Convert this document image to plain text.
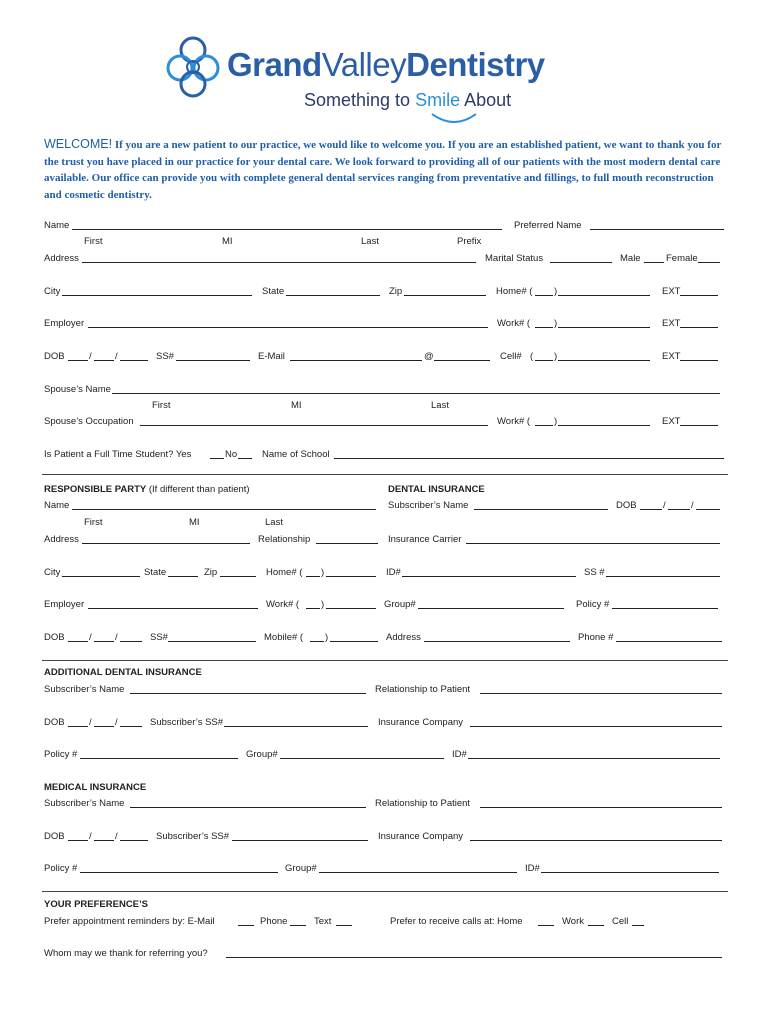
GrandValleyDentistry
Something to Smile About
WELCOME! If you are a new patient to our practice, we would like to welcome you. If you are an established patient, we want to thank you for the trust you have placed in our practice for your dental care. We look forward to providing all of our patients with the most modern dental care available. Our office can provide you with complete general dental services ranging from preventative and fillings, to full mouth reconstruction and cosmetic dentistry.
Name	Preferred Name
First	MI	Last	Prefix
Address	Marital Status	Male	Female
City	State	Zip	Home# ( )	EXT
Employer	Work# (	)	EXT
DOB	/ /	SS#	E-Mail	@	Cell# ( )	EXT
Spouse’s Name
First	MI	Last
Spouse’s Occupation	Work# (	)	EXT
Is Patient a Full Time Student? Yes	No	Name of School
RESPONSIBLE PARTY (If different than patient)	DENTAL INSURANCE
Name	Subscriber’s Name	DOB	/	/
First	MI	Last
Address	Relationship	Insurance Carrier
City	State	Zip	Home# ( )	ID#	SS #
Employer	Work# ( )	Group#	Policy #
DOB	/ /	SS#	Mobile# ( )	Address	Phone #
ADDITIONAL DENTAL INSURANCE
Subscriber’s Name	Relationship to Patient
DOB	/ /	Subscriber’s SS#	Insurance Company
Policy #	Group#	ID#
MEDICAL INSURANCE
Subscriber’s Name	Relationship to Patient
DOB	/ /	Subscriber’s SS#	Insurance Company
Policy #	Group#	ID#
YOUR PREFERENCE’S
Prefer appointment reminders by: E-Mail	Phone	Text	Prefer to receive calls at: Home	Work	Cell
Whom may we thank for referring you?
